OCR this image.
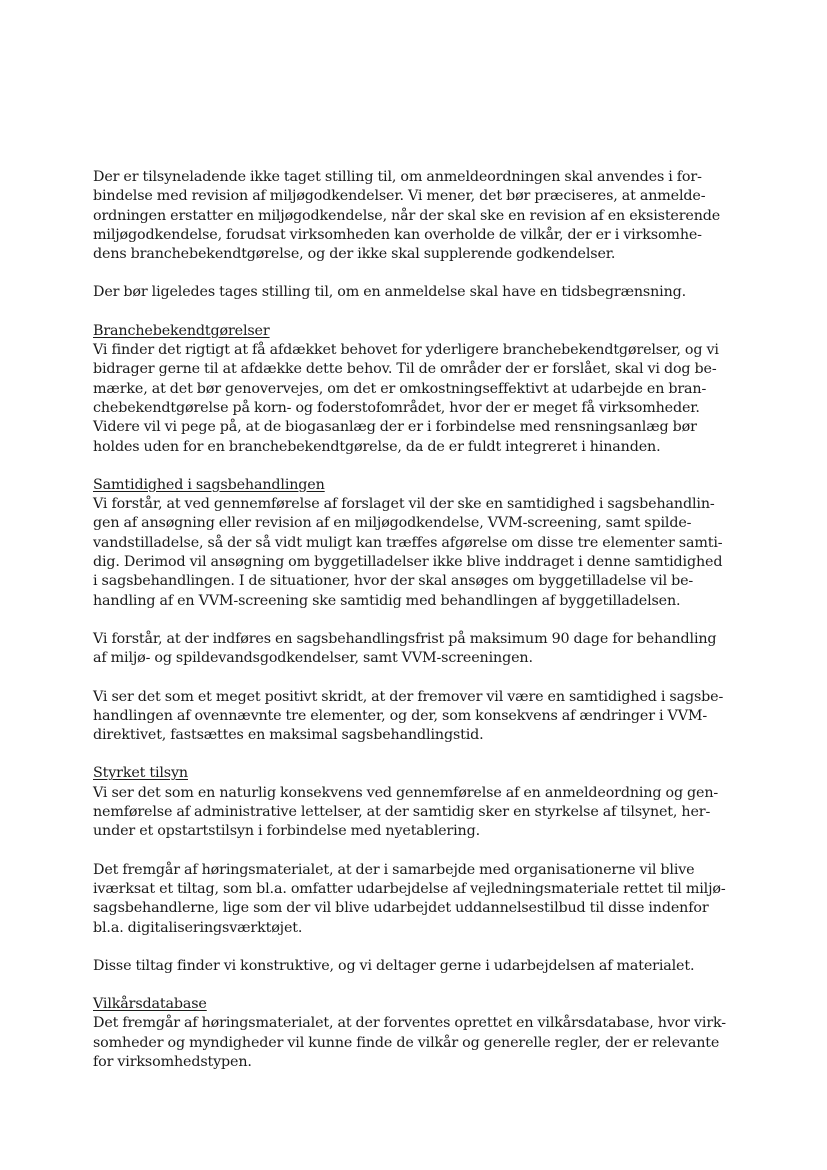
Der er tilsyneladende ikke taget stilling til, om anmeldeordningen skal anvendes i for-
bindelse med revision af miljøgodkendelser. Vi mener, det bør præciseres, at anmelde-
ordningen erstatter en miljøgodkendelse, når der skal ske en revision af en eksisterende
miljøgodkendelse, forudsat virksomheden kan overholde de vilkår, der er i virksomhe-
dens branchebekendtgørelse, og der ikke skal supplerende godkendelser.
Der bør ligeledes tages stilling til, om en anmeldelse skal have en tidsbegrænsning.
Branchebekendtgørelser
Vi finder det rigtigt at få afdækket behovet for yderligere branchebekendtgørelser, og vi
bidrager gerne til at afdække dette behov. Til de områder der er forslået, skal vi dog be-
mærke, at det bør genovervejes, om det er omkostningseffektivt at udarbejde en bran-
chebekendtgørelse på korn- og foderstofområdet, hvor der er meget få virksomheder.
Videre vil vi pege på, at de biogasanlæg der er i forbindelse med rensningsanlæg bør
holdes uden for en branchebekendtgørelse, da de er fuldt integreret i hinanden.
Samtidighed i sagsbehandlingen
Vi forstår, at ved gennemførelse af forslaget vil der ske en samtidighed i sagsbehandlin-
gen af ansøgning eller revision af en miljøgodkendelse, VVM-screening, samt spilde-
vandstilladelse, så der så vidt muligt kan træffes afgørelse om disse tre elementer samti-
dig. Derimod vil ansøgning om byggetilladelser ikke blive inddraget i denne samtidighed
i sagsbehandlingen. I de situationer, hvor der skal ansøges om byggetilladelse vil be-
handling af en VVM-screening ske samtidig med behandlingen af byggetilladelsen.
Vi forstår, at der indføres en sagsbehandlingsfrist på maksimum 90 dage for behandling
af miljø- og spildevandsgodkendelser, samt VVM-screeningen.
Vi ser det som et meget positivt skridt, at der fremover vil være en samtidighed i sagsbe-
handlingen af ovennævnte tre elementer, og der, som konsekvens af ændringer i VVM-
direktivet, fastsættes en maksimal sagsbehandlingstid.
Styrket tilsyn
Vi ser det som en naturlig konsekvens ved gennemførelse af en anmeldeordning og gen-
nemførelse af administrative lettelser, at der samtidig sker en styrkelse af tilsynet, her-
under et opstartstilsyn i forbindelse med nyetablering.
Det fremgår af høringsmaterialet, at der i samarbejde med organisationerne vil blive
iværksat et tiltag, som bl.a. omfatter udarbejdelse af vejledningsmateriale rettet til miljø-
sagsbehandlerne, lige som der vil blive udarbejdet uddannelsestilbud til disse indenfor
bl.a. digitaliseringsværktøjet.
Disse tiltag finder vi konstruktive, og vi deltager gerne i udarbejdelsen af materialet.
Vilkårsdatabase
Det fremgår af høringsmaterialet, at der forventes oprettet en vilkårsdatabase, hvor virk-
somheder og myndigheder vil kunne finde de vilkår og generelle regler, der er relevante
for virksomhedstypen.
